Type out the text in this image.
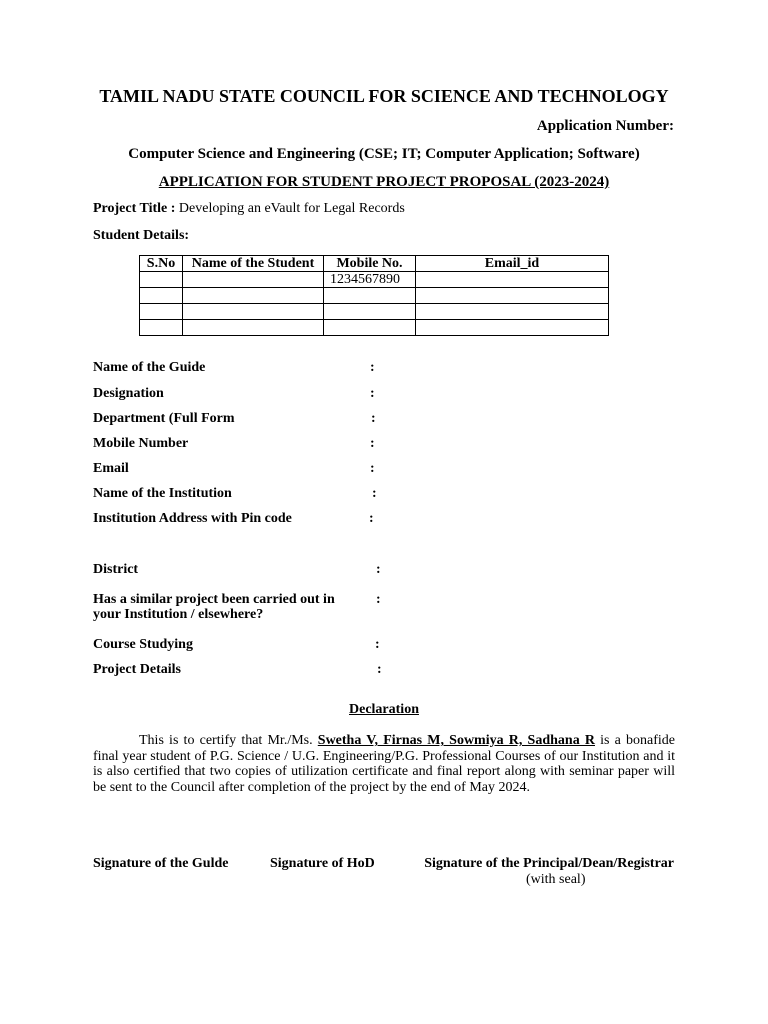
TAMIL NADU STATE COUNCIL FOR SCIENCE AND TECHNOLOGY
Application Number:
Computer Science and Engineering (CSE; IT; Computer Application; Software)
APPLICATION FOR STUDENT PROJECT PROPOSAL (2023-2024)
Project Title : Developing an eVault for Legal Records
Student Details:
S.No	Name of the Student	Mobile No.	Email_id
		1234567890	

Name of the Guide	:
Designation	:
Department (Full Form	:
Mobile Number	:
Email	:
Name of the Institution	:
Institution Address with Pin code	:
District	:
Has a similar project been carried out in
your Institution / elsewhere?
:
Course Studying	:
Project Details	:
Declaration
This is to certify that Mr./Ms. Swetha V, Firnas M, Sowmiya R, Sadhana R is a bonafide final year student of P.G. Science / U.G. Engineering/P.G. Professional Courses of our Institution and it is also certified that two copies of utilization certificate and final report along with seminar paper will be sent to the Council after completion of the project by the end of May 2024.
Signature of the Gulde	Signature of HoD	Signature of the Principal/Dean/Registrar
(with seal)
